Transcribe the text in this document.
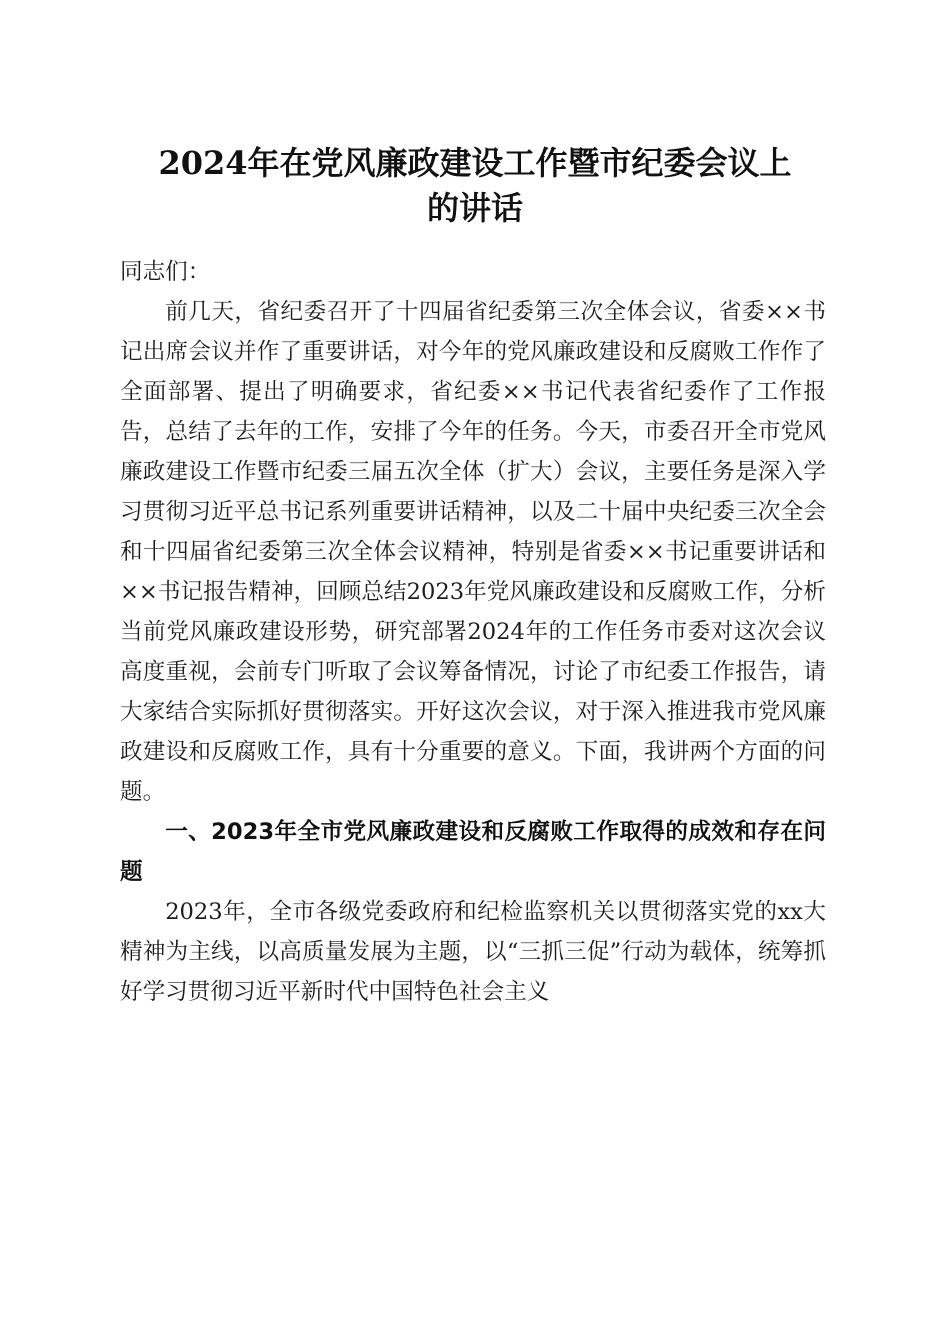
2024年在党风廉政建设工作暨市纪委会议上
的讲话

同志们：

前几天，省纪委召开了十四届省纪委第三次全体会议，省委××书记出席会议并作了重要讲话，对今年的党风廉政建设和反腐败工作作了全面部署、提出了明确要求，省纪委××书记代表省纪委作了工作报告，总结了去年的工作，安排了今年的任务。今天，市委召开全市党风廉政建设工作暨市纪委三届五次全体（扩大）会议，主要任务是深入学习贯彻习近平总书记系列重要讲话精神，以及二十届中央纪委三次全会和十四届省纪委第三次全体会议精神，特别是省委××书记重要讲话和××书记报告精神，回顾总结2023年党风廉政建设和反腐败工作，分析当前党风廉政建设形势，研究部署2024年的工作任务市委对这次会议高度重视，会前专门听取了会议筹备情况，讨论了市纪委工作报告，请大家结合实际抓好贯彻落实。开好这次会议，对于深入推进我市党风廉政建设和反腐败工作，具有十分重要的意义。下面，我讲两个方面的问题。

一、2023年全市党风廉政建设和反腐败工作取得的成效和存在问题

2023年，全市各级党委政府和纪检监察机关以贯彻落实党的xx大精神为主线，以高质量发展为主题，以“三抓三促”行动为载体，统筹抓好学习贯彻习近平新时代中国特色社会主义
